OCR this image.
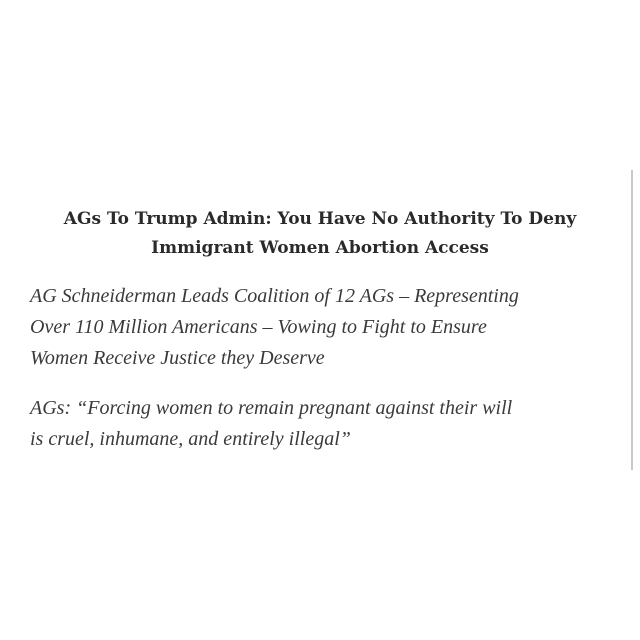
AGs To Trump Admin: You Have No Authority To Deny
Immigrant Women Abortion Access

AG Schneiderman Leads Coalition of 12 AGs – Representing
Over 110 Million Americans – Vowing to Fight to Ensure
Women Receive Justice they Deserve

AGs: “Forcing women to remain pregnant against their will
is cruel, inhumane, and entirely illegal”
